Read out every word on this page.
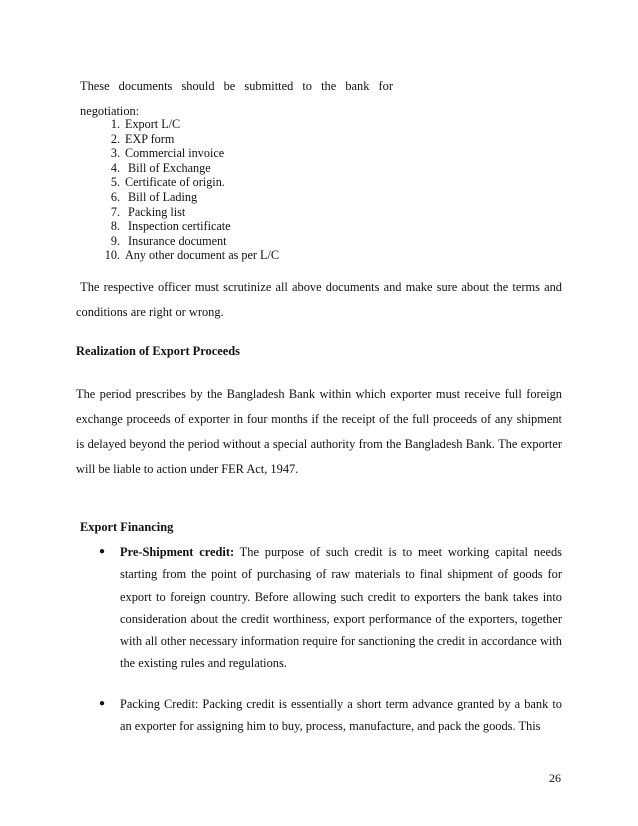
These documents should be submitted to the bank for negotiation:
1. Export L/C
2. EXP form
3. Commercial invoice
4. Bill of Exchange
5. Certificate of origin.
6. Bill of Lading
7. Packing list
8. Inspection certificate
9. Insurance document
10. Any other document as per L/C
The respective officer must scrutinize all above documents and make sure about the terms and conditions are right or wrong.
Realization of Export Proceeds
The period prescribes by the Bangladesh Bank within which exporter must receive full foreign exchange proceeds of exporter in four months if the receipt of the full proceeds of any shipment is delayed beyond the period without a special authority from the Bangladesh Bank. The exporter will be liable to action under FER Act, 1947.
Export Financing
● Pre-Shipment credit: The purpose of such credit is to meet working capital needs starting from the point of purchasing of raw materials to final shipment of goods for export to foreign country. Before allowing such credit to exporters the bank takes into consideration about the credit worthiness, export performance of the exporters, together with all other necessary information require for sanctioning the credit in accordance with the existing rules and regulations.
● Packing Credit: Packing credit is essentially a short term advance granted by a bank to an exporter for assigning him to buy, process, manufacture, and pack the goods. This
26
